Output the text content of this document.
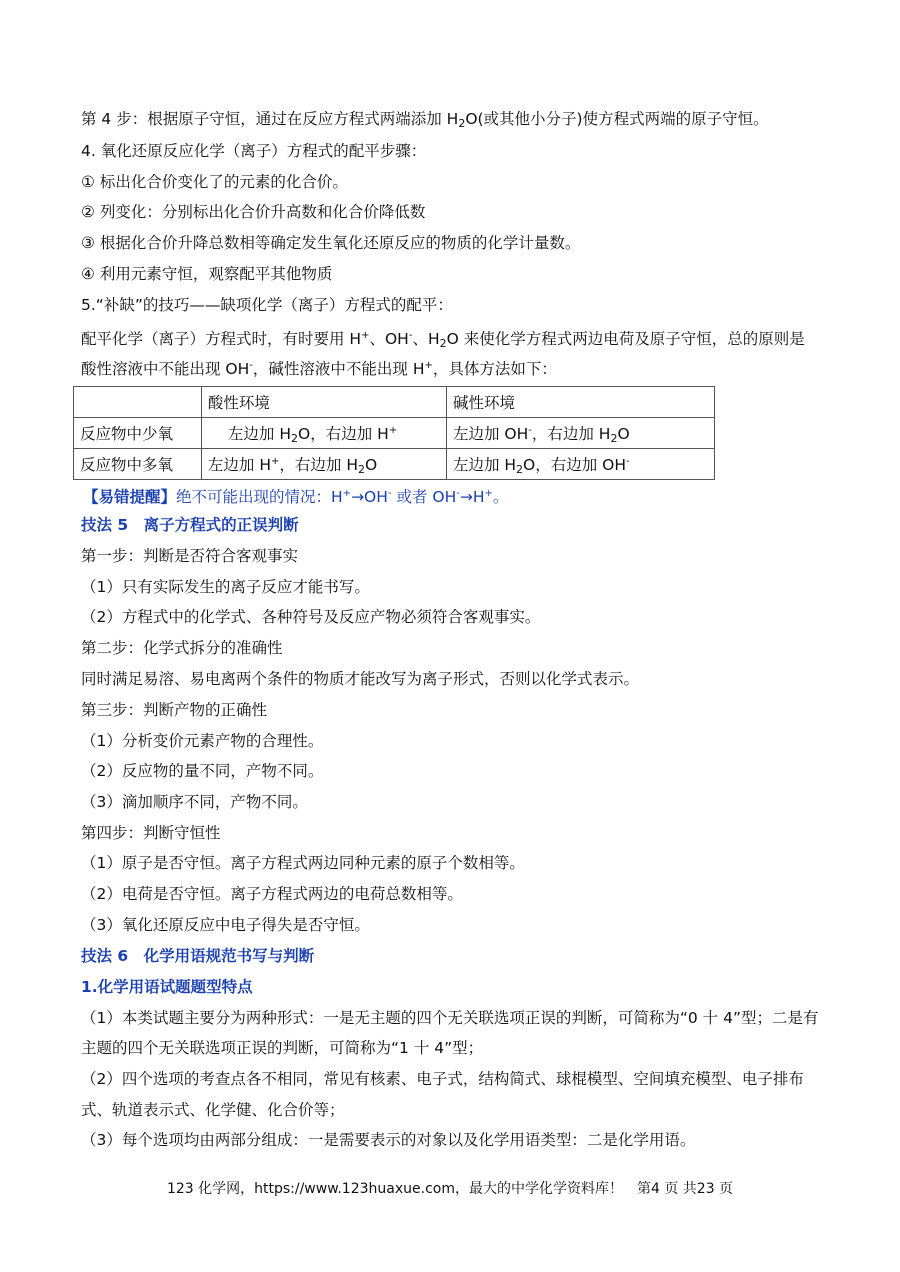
第 4 步：根据原子守恒，通过在反应方程式两端添加 $H_2O$(或其他小分子)使方程式两端的原子守恒。
4. 氧化还原反应化学（离子）方程式的配平步骤：
① 标出化合价变化了的元素的化合价。
② 列变化：分别标出化合价升高数和化合价降低数
③ 根据化合价升降总数相等确定发生氧化还原反应的物质的化学计量数。
④ 利用元素守恒，观察配平其他物质
5.“补缺”的技巧——缺项化学（离子）方程式的配平：
配平化学（离子）方程式时，有时要用 H+、OH-、$H_2O$ 来使化学方程式两边电荷及原子守恒，总的原则是
酸性溶液中不能出现 OH-，碱性溶液中不能出现 H+，具体方法如下：
	酸性环境	碱性环境
反应物中少氧	左边加 $H_2O$，右边加 H+	左边加 OH-，右边加 $H_2O$
反应物中多氧	左边加 H+，右边加 $H_2O$	左边加 $H_2O$，右边加 OH-
【易错提醒】绝不可能出现的情况：H+→OH- 或者 OH-→H+。
技法 5　离子方程式的正误判断
第一步：判断是否符合客观事实
（1）只有实际发生的离子反应才能书写。
（2）方程式中的化学式、各种符号及反应产物必须符合客观事实。
第二步：化学式拆分的准确性
同时满足易溶、易电离两个条件的物质才能改写为离子形式，否则以化学式表示。
第三步：判断产物的正确性
（1）分析变价元素产物的合理性。
（2）反应物的量不同，产物不同。
（3）滴加顺序不同，产物不同。
第四步：判断守恒性
（1）原子是否守恒。离子方程式两边同种元素的原子个数相等。
（2）电荷是否守恒。离子方程式两边的电荷总数相等。
（3）氧化还原反应中电子得失是否守恒。
技法 6　化学用语规范书写与判断
1.化学用语试题题型特点
（1）本类试题主要分为两种形式：一是无主题的四个无关联选项正误的判断，可简称为“0 十 4”型；二是有
主题的四个无关联选项正误的判断，可简称为“1 十 4”型；
（2）四个选项的考查点各不相同，常见有核素、电子式，结构简式、球棍模型、空间填充模型、电子排布
式、轨道表示式、化学健、化合价等；
（3）每个选项均由两部分组成：一是需要表示的对象以及化学用语类型：二是化学用语。
123 化学网，https://www.123huaxue.com，最大的中学化学资料库！　第4 页 共23 页
